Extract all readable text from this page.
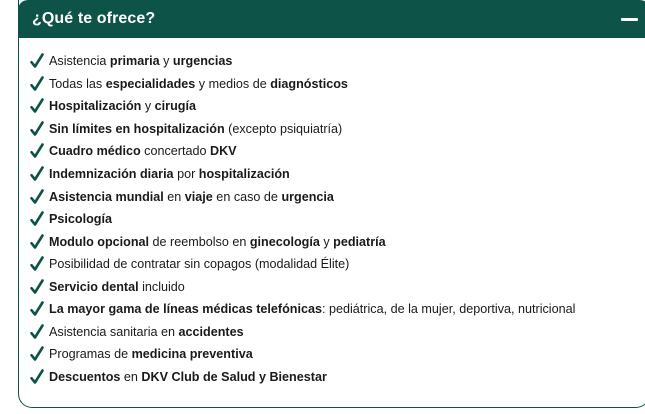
¿Qué te ofrece?
Asistencia primaria y urgencias
Todas las especialidades y medios de diagnósticos
Hospitalización y cirugía
Sin límites en hospitalización (excepto psiquiatría)
Cuadro médico concertado DKV
Indemnización diaria por hospitalización
Asistencia mundial en viaje en caso de urgencia
Psicología
Modulo opcional de reembolso en ginecología y pediatría
Posibilidad de contratar sin copagos (modalidad Élite)
Servicio dental incluido
La mayor gama de líneas médicas telefónicas: pediátrica, de la mujer, deportiva, nutricional
Asistencia sanitaria en accidentes
Programas de medicina preventiva
Descuentos en DKV Club de Salud y Bienestar
